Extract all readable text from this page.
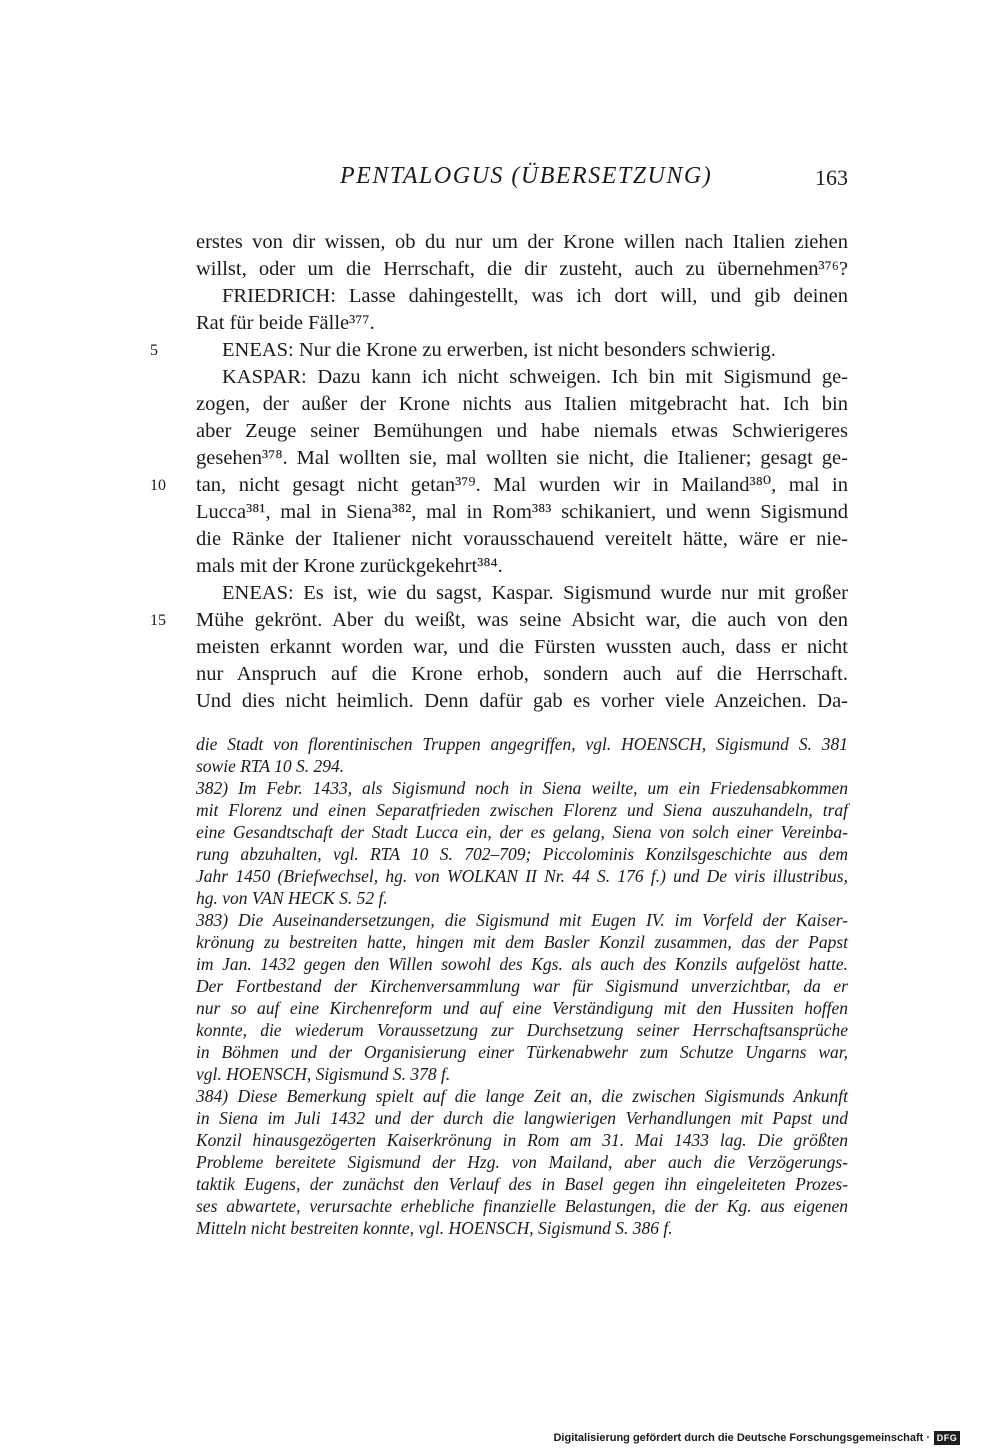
PENTALOGUS (ÜBERSETZUNG)	163
erstes von dir wissen, ob du nur um der Krone willen nach Italien ziehen
willst, oder um die Herrschaft, die dir zusteht, auch zu übernehmen³⁷⁶?
FRIEDRICH: Lasse dahingestellt, was ich dort will, und gib deinen
Rat für beide Fälle³⁷⁷.
ENEAS: Nur die Krone zu erwerben, ist nicht besonders schwierig.
KASPAR: Dazu kann ich nicht schweigen. Ich bin mit Sigismund ge-
zogen, der außer der Krone nichts aus Italien mitgebracht hat. Ich bin
aber Zeuge seiner Bemühungen und habe niemals etwas Schwierigeres
gesehen³⁷⁸. Mal wollten sie, mal wollten sie nicht, die Italiener; gesagt ge-
tan, nicht gesagt nicht getan³⁷⁹. Mal wurden wir in Mailand³⁸⁰, mal in
Lucca³⁸¹, mal in Siena³⁸², mal in Rom³⁸³ schikaniert, und wenn Sigismund
die Ränke der Italiener nicht vorausschauend vereitelt hätte, wäre er nie-
mals mit der Krone zurückgekehrt³⁸⁴.
ENEAS: Es ist, wie du sagst, Kaspar. Sigismund wurde nur mit großer
Mühe gekrönt. Aber du weißt, was seine Absicht war, die auch von den
meisten erkannt worden war, und die Fürsten wussten auch, dass er nicht
nur Anspruch auf die Krone erhob, sondern auch auf die Herrschaft.
Und dies nicht heimlich. Denn dafür gab es vorher viele Anzeichen. Da-
5
10
15
die Stadt von florentinischen Truppen angegriffen, vgl. HOENSCH, Sigismund S. 381
sowie RTA 10 S. 294.
382) Im Febr. 1433, als Sigismund noch in Siena weilte, um ein Friedensabkommen
mit Florenz und einen Separatfrieden zwischen Florenz und Siena auszuhandeln, traf
eine Gesandtschaft der Stadt Lucca ein, der es gelang, Siena von solch einer Vereinba-
rung abzuhalten, vgl. RTA 10 S. 702–709; Piccolominis Konzilsgeschichte aus dem
Jahr 1450 (Briefwechsel, hg. von WOLKAN II Nr. 44 S. 176 f.) und De viris illustribus,
hg. von VAN HECK S. 52 f.
383) Die Auseinandersetzungen, die Sigismund mit Eugen IV. im Vorfeld der Kaiser-
krönung zu bestreiten hatte, hingen mit dem Basler Konzil zusammen, das der Papst
im Jan. 1432 gegen den Willen sowohl des Kgs. als auch des Konzils aufgelöst hatte.
Der Fortbestand der Kirchenversammlung war für Sigismund unverzichtbar, da er
nur so auf eine Kirchenreform und auf eine Verständigung mit den Hussiten hoffen
konnte, die wiederum Voraussetzung zur Durchsetzung seiner Herrschaftsansprüche
in Böhmen und der Organisierung einer Türkenabwehr zum Schutze Ungarns war,
vgl. HOENSCH, Sigismund S. 378 f.
384) Diese Bemerkung spielt auf die lange Zeit an, die zwischen Sigismunds Ankunft
in Siena im Juli 1432 und der durch die langwierigen Verhandlungen mit Papst und
Konzil hinausgezögerten Kaiserkrönung in Rom am 31. Mai 1433 lag. Die größten
Probleme bereitete Sigismund der Hzg. von Mailand, aber auch die Verzögerungs-
taktik Eugens, der zunächst den Verlauf des in Basel gegen ihn eingeleiteten Prozes-
ses abwartete, verursachte erhebliche finanzielle Belastungen, die der Kg. aus eigenen
Mitteln nicht bestreiten konnte, vgl. HOENSCH, Sigismund S. 386 f.
Digitalisierung gefördert durch die Deutsche Forschungsgemeinschaft · DFG
